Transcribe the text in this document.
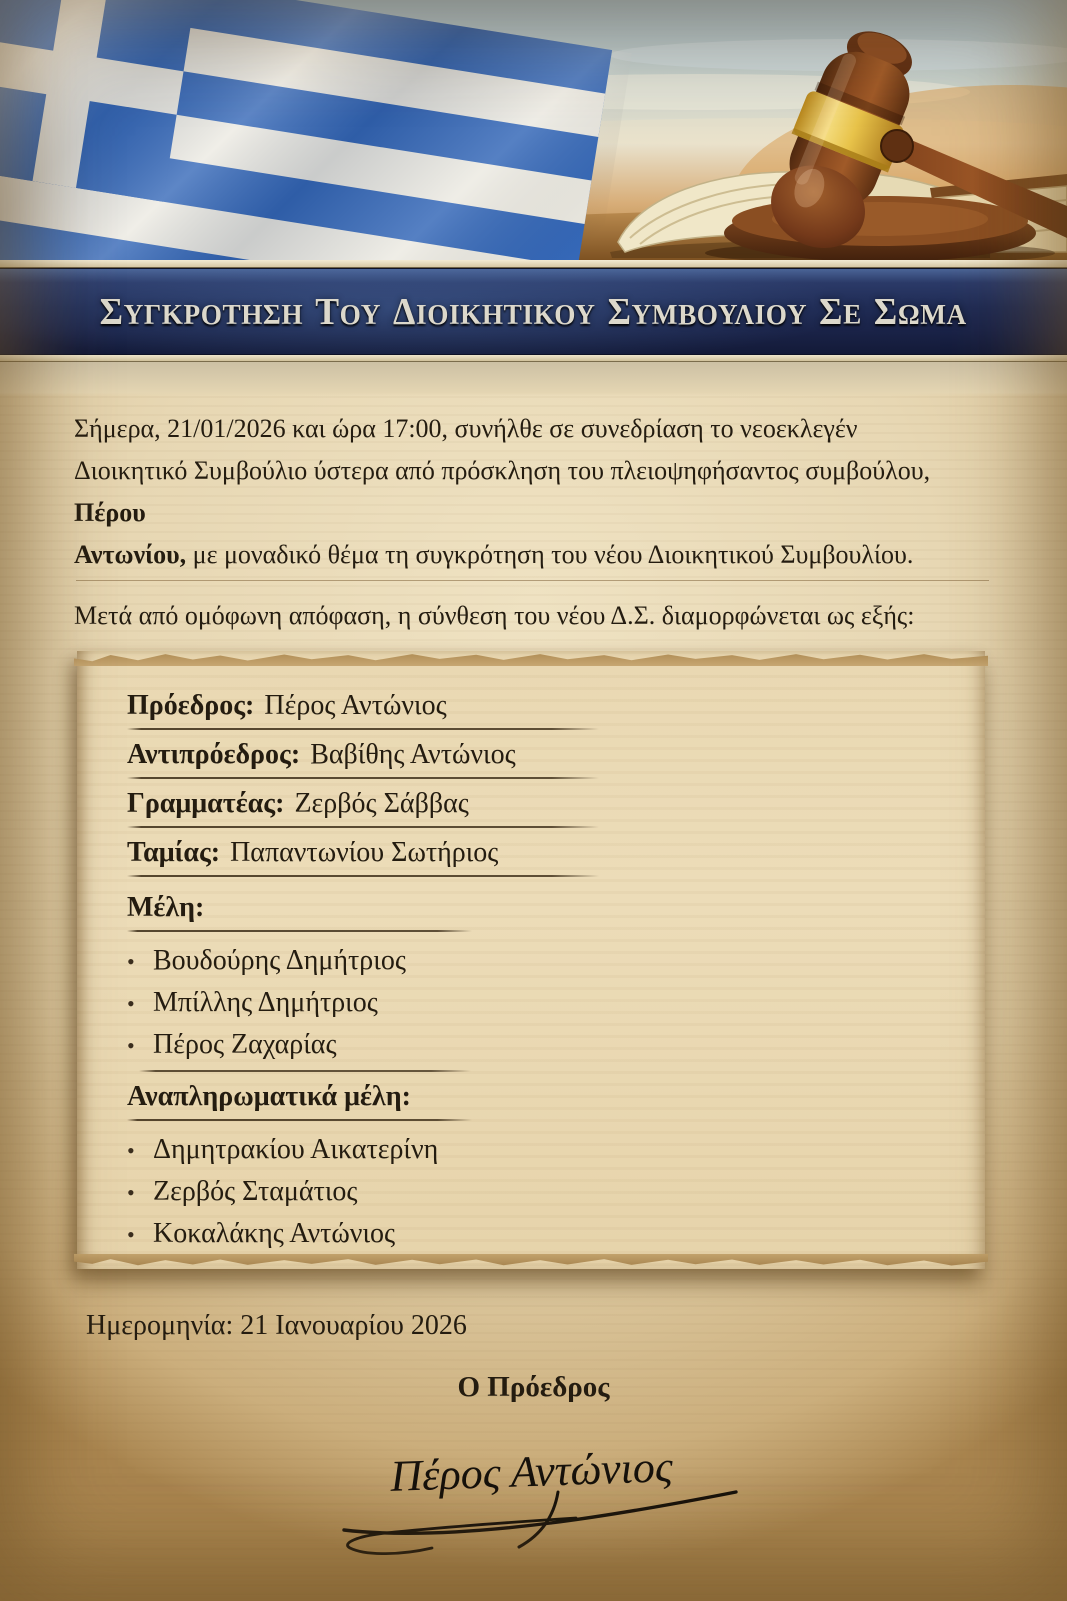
ΣΥΓΚΡΟΤΗΣΗ ΤΟΥ ΔΙΟΙΚΗΤΙΚΟΥ ΣΥΜΒΟΥΛΙΟΥ ΣΕ ΣΩΜΑ
Σήμερα, 21/01/2026 και ώρα 17:00, συνήλθε σε συνεδρίαση το νεοεκλεγέν
Διοικητικό Συμβούλιο ύστερα από πρόσκληση του πλειοψηφήσαντος συμβούλου, Πέρου
Αντωνίου, με μοναδικό θέμα τη συγκρότηση του νέου Διοικητικού Συμβουλίου.

Μετά από ομόφωνη απόφαση, η σύνθεση του νέου Δ.Σ. διαμορφώνεται ως εξής:

Πρόεδρος: Πέρος Αντώνιος
Αντιπρόεδρος: Βαβίθης Αντώνιος
Γραμματέας: Ζερβός Σάββας
Ταμίας: Παπαντωνίου Σωτήριος
Μέλη:
• Βουδούρης Δημήτριος
• Μπίλλης Δημήτριος
• Πέρος Ζαχαρίας
Αναπληρωματικά μέλη:
• Δημητρακίου Αικατερίνη
• Ζερβός Σταμάτιος
• Κοκαλάκης Αντώνιος

Ημερομηνία: 21 Ιανουαρίου 2026

Ο Πρόεδρος

Πέρος Αντώνιος
